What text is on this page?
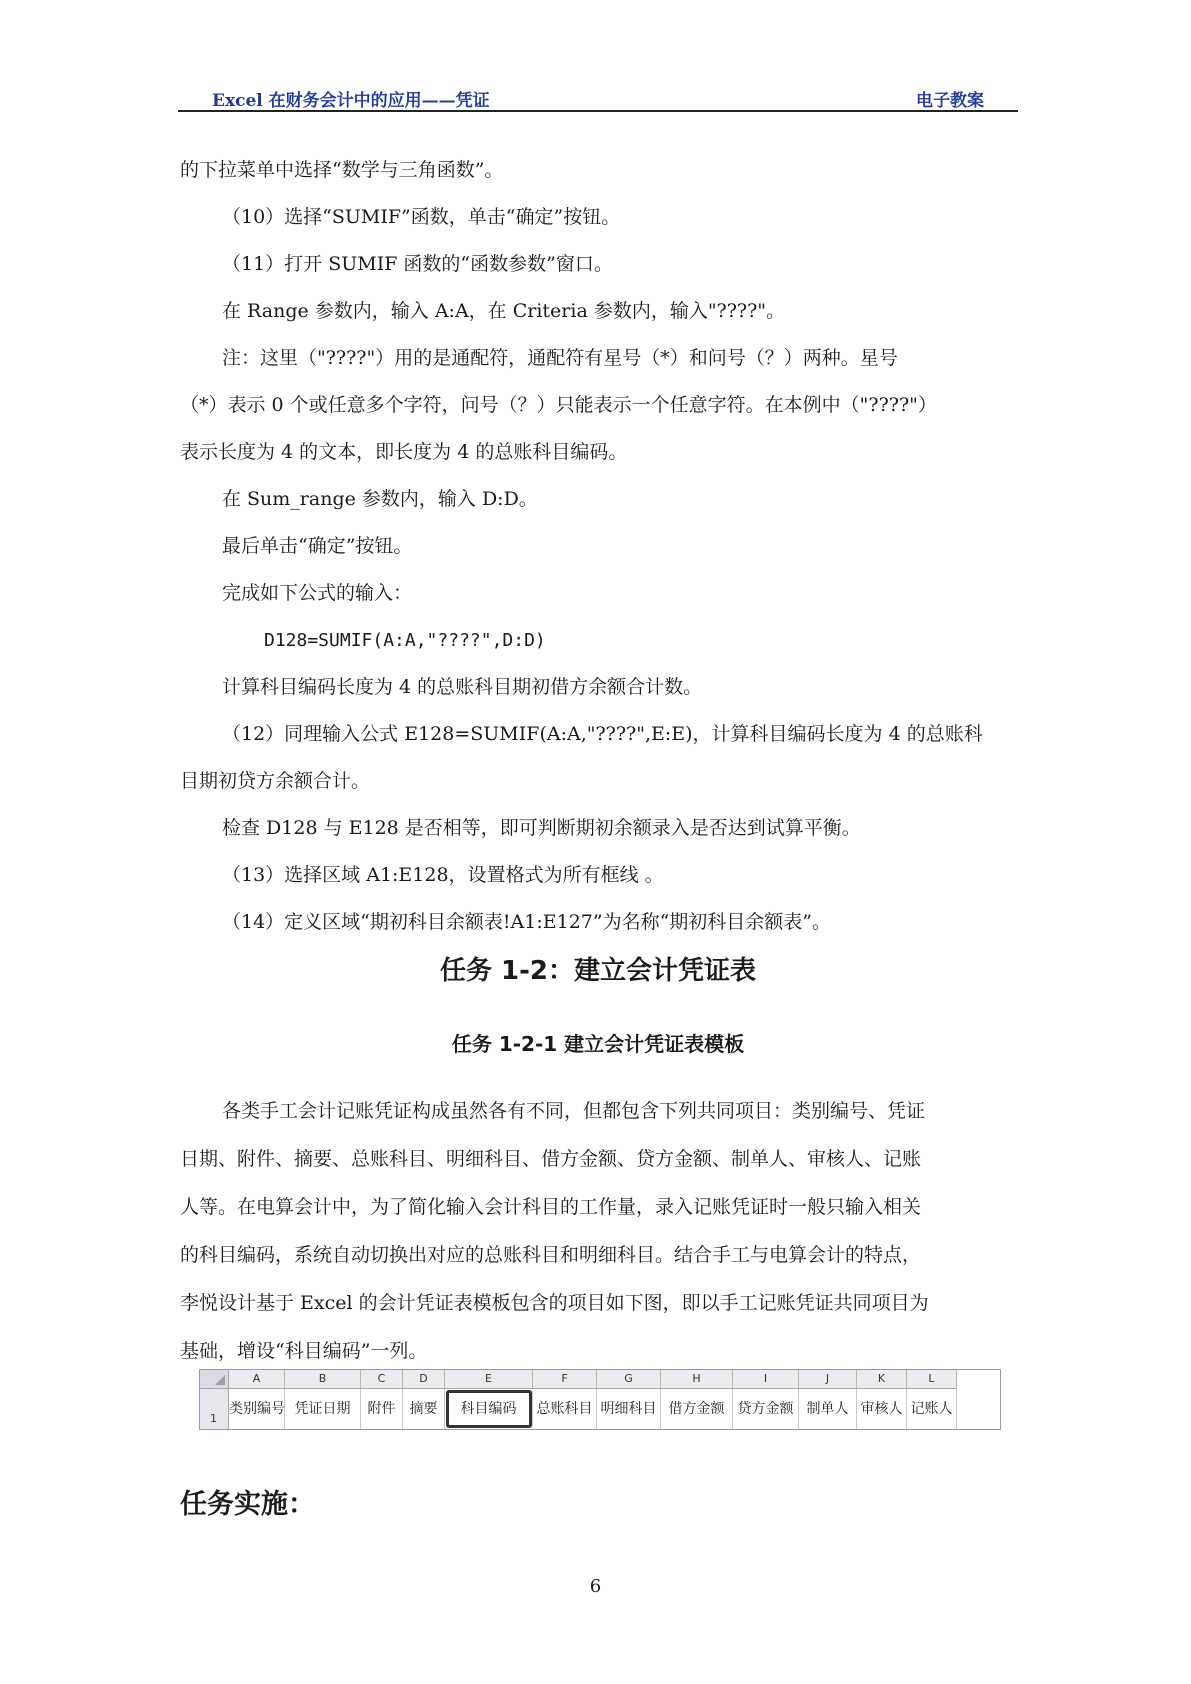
Excel 在财务会计中的应用——凭证	电子教案

的下拉菜单中选择“数学与三角函数”。

（10）选择“SUMIF”函数，单击“确定”按钮。

（11）打开 SUMIF 函数的“函数参数”窗口。

在 Range 参数内，输入 A:A，在 Criteria 参数内，输入"????"。

注：这里（"????"）用的是通配符，通配符有星号（*）和问号（？）两种。星号

（*）表示 0 个或任意多个字符，问号（？）只能表示一个任意字符。在本例中（"????"）

表示长度为 4 的文本，即长度为 4 的总账科目编码。

在 Sum_range 参数内，输入 D:D。

最后单击“确定”按钮。

完成如下公式的输入：

D128=SUMIF(A:A,"????",D:D)

计算科目编码长度为 4 的总账科目期初借方余额合计数。

（12）同理输入公式 E128=SUMIF(A:A,"????",E:E)，计算科目编码长度为 4 的总账科

目期初贷方余额合计。

检查 D128 与 E128 是否相等，即可判断期初余额录入是否达到试算平衡。

（13）选择区域 A1:E128，设置格式为所有框线 。

（14）定义区域“期初科目余额表!A1:E127”为名称“期初科目余额表”。

任务 1-2：建立会计凭证表
任务 1-2-1 建立会计凭证表模板

各类手工会计记账凭证构成虽然各有不同，但都包含下列共同项目：类别编号、凭证

日期、附件、摘要、总账科目、明细科目、借方金额、贷方金额、制单人、审核人、记账

人等。在电算会计中，为了简化输入会计科目的工作量，录入记账凭证时一般只输入相关

的科目编码，系统自动切换出对应的总账科目和明细科目。结合手工与电算会计的特点，

李悦设计基于 Excel 的会计凭证表模板包含的项目如下图，即以手工记账凭证共同项目为

基础，增设“科目编码”一列。

1
A
类别编号
B
凭证日期
C
附件
D
摘要
E
科目编码
F
总账科目
G
明细科目
H
借方金额
I
贷方金额
J
制单人
K
审核人
L
记账人
任务实施：
6
